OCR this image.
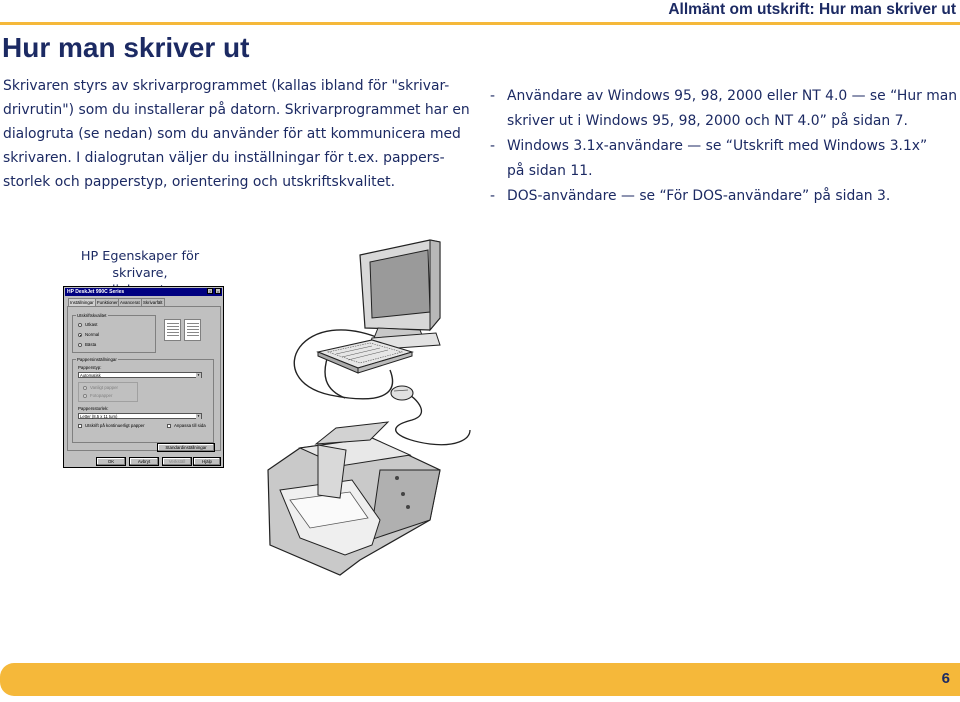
Allmänt om utskrift: Hur man skriver ut
Hur man skriver ut

Skrivaren styrs av skrivarprogrammet (kallas ibland för "skrivar-

drivrutin") som du installerar på datorn. Skrivarprogrammet har en

dialogruta (se nedan) som du använder för att kommunicera med

skrivaren. I dialogrutan väljer du inställningar för t.ex. pappers-

storlek och papperstyp, orientering och utskriftskvalitet.

- Användare av Windows 95, 98, 2000 eller NT 4.0 — se “Hur man
skriver ut i Windows 95, 98, 2000 och NT 4.0” på sidan 7.
- Windows 3.1x-användare — se “Utskrift med Windows 3.1x”
på sidan 11.
- DOS-användare — se “För DOS-användare” på sidan 3.
HP Egenskaper för skrivare,
HP DeskJet 990C Series	?	×
Inställningar Funktioner Avancerat Skrivarfält
Utskriftskvalitet
Utkast
Normal
Bästa
Pappersinställningar
Papperstyp:
Automatisk ▼
Vanligt papper
Fotopapper
Pappersstorlek:
Letter (8.5 x 11 tum) ▼
Utskrift på kontinuerligt papper	Anpassa till sida
Standardinställningar
OK	Avbryt	Verkställ	Hjälp
6
